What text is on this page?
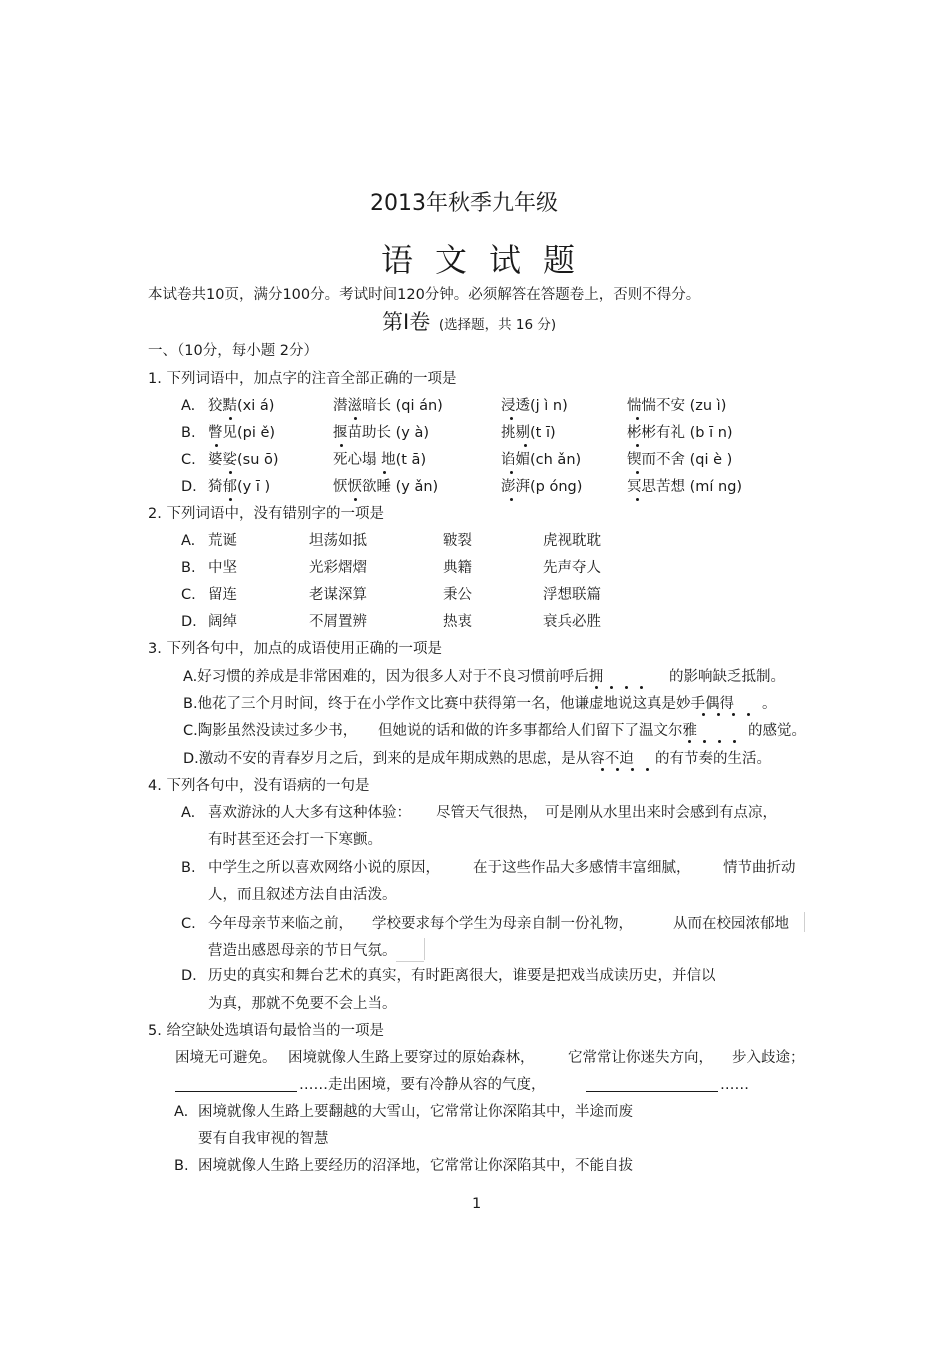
2013年秋季九年级
语文试题
本试卷共10页，满分100分。考试时间120分钟。必须解答在答题卷上，否则不得分。
第Ⅰ卷 (选择题，共 16 分)
一、（10分，每小题 2分）
1. 下列词语中，加点字的注音全部正确的一项是
A. 狡黠(xi á)	潜滋暗长 (qi án)	浸透(j ì n)	惴惴不安 (zu ì)
B. 瞥见(pi ě)	揠苗助长 (y à)	挑剔(t ī)	彬彬有礼 (b ī n)
C. 婆娑(su ō)	死心塌 地(t ā)	谄媚(ch ǎn)	锲而不舍 (qi è )
D. 猗郁(y ī )	恹恹欲睡 (y ǎn)	澎湃(p óng)	冥思苦想 (mí ng)
2. 下列词语中，没有错别字的一项是
A. 荒诞	坦荡如抵	皲裂	虎视耽耽
B. 中坚	光彩熠熠	典籍	先声夺人
C. 留连	老谋深算	秉公	浮想联篇
D. 阔绰	不屑置辨	热衷	衰兵必胜
3. 下列各句中，加点的成语使用正确的一项是
A.好习惯的养成是非常困难的，因为很多人对于不良习惯前呼后拥	的影响缺乏抵制。
B.他花了三个月时间，终于在小学作文比赛中获得第一名，他谦虚地说这真是妙手偶得 。
C.陶影虽然没读过多少书， 但她说的话和做的许多事都给人们留下了温文尔雅	的感觉。
D.激动不安的青春岁月之后，到来的是成年期成熟的思虑，是从容不迫 的有节奏的生活。
4. 下列各句中，没有语病的一句是
A. 喜欢游泳的人大多有这种体验： 尽管天气很热， 可是刚从水里出来时会感到有点凉，
有时甚至还会打一下寒颤。
B. 中学生之所以喜欢网络小说的原因， 在于这些作品大多感情丰富细腻， 情节曲折动
人，而且叙述方法自由活泼。
C. 今年母亲节来临之前， 学校要求每个学生为母亲自制一份礼物，	从而在校园浓郁地
营造出感恩母亲的节日气氛。
D. 历史的真实和舞台艺术的真实，有时距离很大，谁要是把戏当成读历史，并信以
为真，那就不免要不会上当。
5. 给空缺处选填语句最恰当的一项是
困境无可避免。 困境就像人生路上要穿过的原始森林， 它常常让你迷失方向， 步入歧途；
……走出困境，要有冷静从容的气度，	……
A. 困境就像人生路上要翻越的大雪山，它常常让你深陷其中，半途而废
要有自我审视的智慧
B. 困境就像人生路上要经历的沼泽地，它常常让你深陷其中，不能自拔
1
